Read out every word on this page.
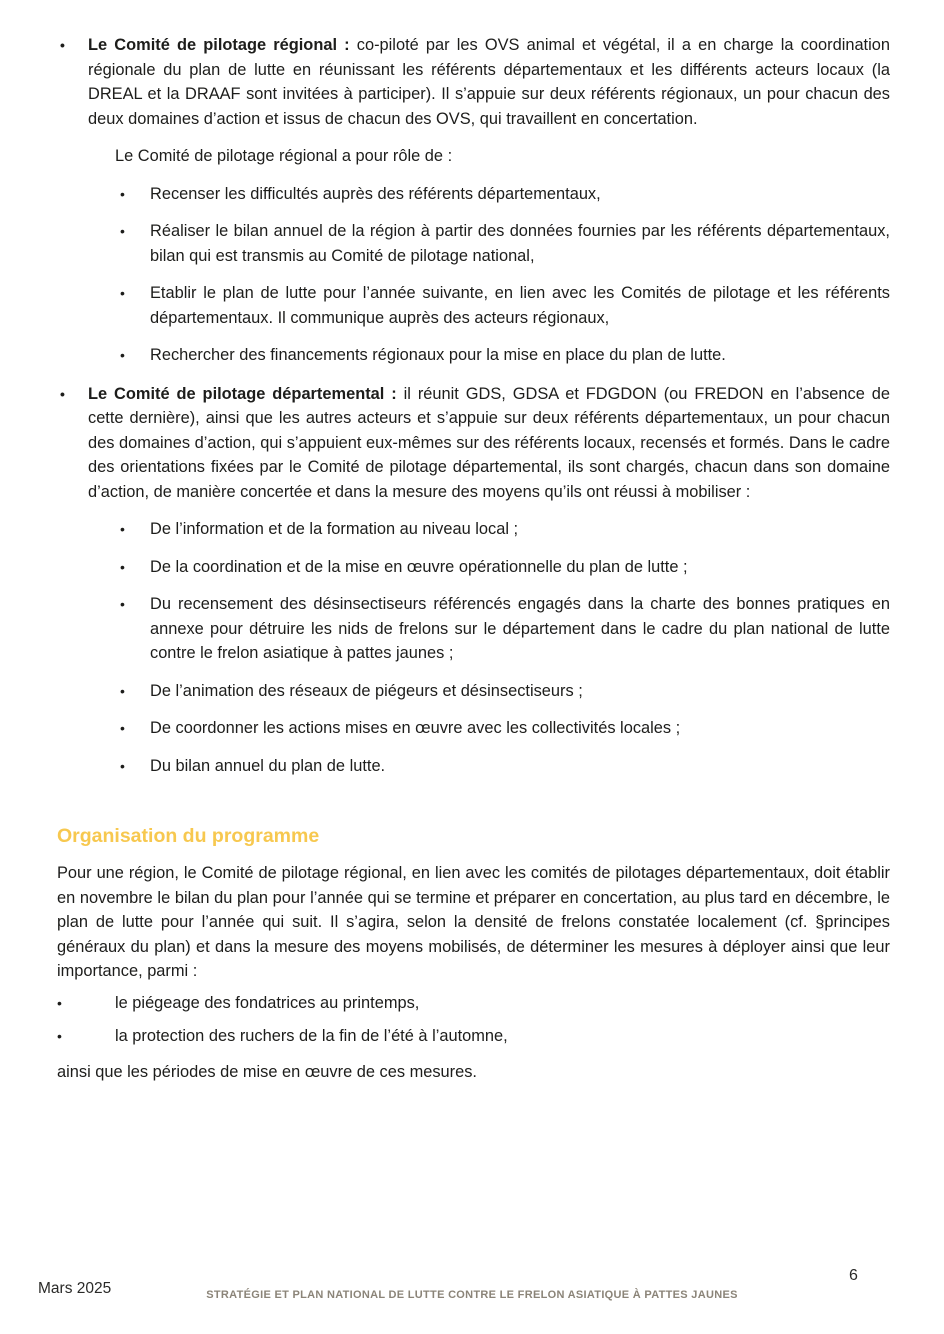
• Le Comité de pilotage régional : co-piloté par les OVS animal et végétal, il a en charge la coordination régionale du plan de lutte en réunissant les référents départementaux et les différents acteurs locaux (la DREAL et la DRAAF sont invitées à participer). Il s’appuie sur deux référents régionaux, un pour chacun des deux domaines d’action et issus de chacun des OVS, qui travaillent en concertation.

Le Comité de pilotage régional a pour rôle de :

• Recenser les difficultés auprès des référents départementaux,

• Réaliser le bilan annuel de la région à partir des données fournies par les référents départementaux, bilan qui est transmis au Comité de pilotage national,

• Etablir le plan de lutte pour l’année suivante, en lien avec les Comités de pilotage et les référents départementaux. Il communique auprès des acteurs régionaux,

• Rechercher des financements régionaux pour la mise en place du plan de lutte.

• Le Comité de pilotage départemental : il réunit GDS, GDSA et FDGDON (ou FREDON en l’absence de cette dernière), ainsi que les autres acteurs et s’appuie sur deux référents départementaux, un pour chacun des domaines d’action, qui s’appuient eux-mêmes sur des référents locaux, recensés et formés. Dans le cadre des orientations fixées par le Comité de pilotage départemental, ils sont chargés, chacun dans son domaine d’action, de manière concertée et dans la mesure des moyens qu’ils ont réussi à mobiliser :

• De l’information et de la formation au niveau local ;

• De la coordination et de la mise en œuvre opérationnelle du plan de lutte ;

• Du recensement des désinsectiseurs référencés engagés dans la charte des bonnes pratiques en annexe pour détruire les nids de frelons sur le département dans le cadre du plan national de lutte contre le frelon asiatique à pattes jaunes ;

• De l’animation des réseaux de piégeurs et désinsectiseurs ;

• De coordonner les actions mises en œuvre avec les collectivités locales ;

• Du bilan annuel du plan de lutte.

Organisation du programme

Pour une région, le Comité de pilotage régional, en lien avec les comités de pilotages départementaux, doit établir en novembre le bilan du plan pour l’année qui se termine et préparer en concertation, au plus tard en décembre, le plan de lutte pour l’année qui suit. Il s’agira, selon la densité de frelons constatée localement (cf. §principes généraux du plan) et dans la mesure des moyens mobilisés, de déterminer les mesures à déployer ainsi que leur importance, parmi :

•	le piégeage des fondatrices au printemps,

•	la protection des ruchers de la fin de l’été à l’automne,

ainsi que les périodes de mise en œuvre de ces mesures.

Mars 2025	STRATÉGIE ET PLAN NATIONAL DE LUTTE CONTRE LE FRELON ASIATIQUE À PATTES JAUNES
6
